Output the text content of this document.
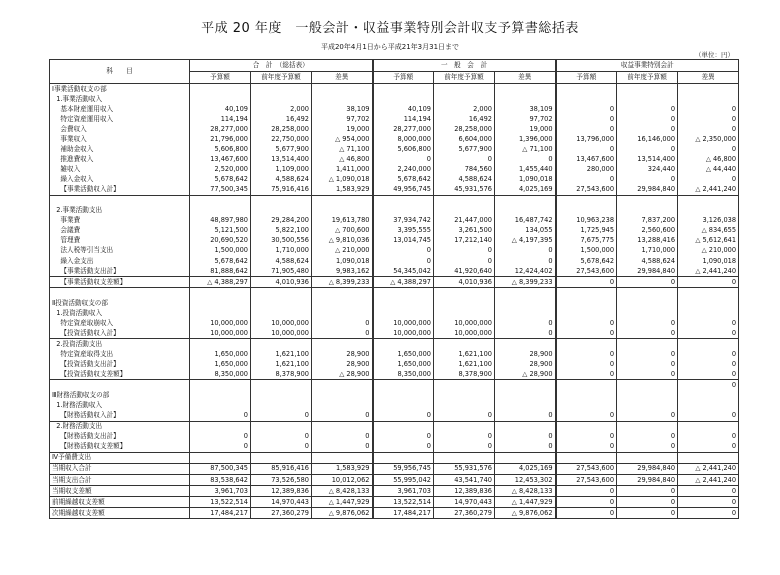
平成 20 年度　一般会計・収益事業特別会計収支予算書総括表
平成20年4月1日から平成21年3月31日まで
（単位：円）
科　　目	合　計　（総括表）			一　般　会　計			収益事業特別会計		
	予算額	前年度予算額	差異	予算額	前年度予算額	差異	予算額	前年度予算額	差異
Ⅰ事業活動収支の部									
1.事業活動収入									
基本財産運用収入	40,109	2,000	38,109	40,109	2,000	38,109	0	0	0
特定資産運用収入	114,194	16,492	97,702	114,194	16,492	97,702	0	0	0
会費収入	28,277,000	28,258,000	19,000	28,277,000	28,258,000	19,000	0	0	0
事業収入	21,796,000	22,750,000	△ 954,000	8,000,000	6,604,000	1,396,000	13,796,000	16,146,000	△ 2,350,000
補助金収入	5,606,800	5,677,900	△ 71,100	5,606,800	5,677,900	△ 71,100	0	0	0
推進費収入	13,467,600	13,514,400	△ 46,800	0	0	0	13,467,600	13,514,400	△ 46,800
雑収入	2,520,000	1,109,000	1,411,000	2,240,000	784,560	1,455,440	280,000	324,440	△ 44,440
繰入金収入	5,678,642	4,588,624	△ 1,090,018	5,678,642	4,588,624	1,090,018	0	0	0
【事業活動収入計】	77,500,345	75,916,416	1,583,929	49,956,745	45,931,576	4,025,169	27,543,600	29,984,840	△ 2,441,240

2.事業活動支出									
事業費	48,897,980	29,284,200	19,613,780	37,934,742	21,447,000	16,487,742	10,963,238	7,837,200	3,126,038
会議費	5,121,500	5,822,100	△ 700,600	3,395,555	3,261,500	134,055	1,725,945	2,560,600	△ 834,655
管理費	20,690,520	30,500,556	△ 9,810,036	13,014,745	17,212,140	△ 4,197,395	7,675,775	13,288,416	△ 5,612,641
法人税等引当支出	1,500,000	1,710,000	△ 210,000	0	0	0	1,500,000	1,710,000	△ 210,000
繰入金支出	5,678,642	4,588,624	1,090,018	0	0	0	5,678,642	4,588,624	1,090,018
【事業活動支出計】	81,888,642	71,905,480	9,983,162	54,345,042	41,920,640	12,424,402	27,543,600	29,984,840	△ 2,441,240
【事業活動収支差額】	△ 4,388,297	4,010,936	△ 8,399,233	△ 4,388,297	4,010,936	△ 8,399,233	0	0	0

Ⅱ投資活動収支の部									
1.投資活動収入									
特定資産取崩収入	10,000,000	10,000,000	0	10,000,000	10,000,000	0	0	0	0
【投資活動収入計】	10,000,000	10,000,000	0	10,000,000	10,000,000	0	0	0	0
2.投資活動支出									
特定資産取得支出	1,650,000	1,621,100	28,900	1,650,000	1,621,100	28,900	0	0	0
【投資活動支出計】	1,650,000	1,621,100	28,900	1,650,000	1,621,100	28,900	0	0	0
【投資活動収支差額】	8,350,000	8,378,900	△ 28,900	8,350,000	8,378,900	△ 28,900	0	0	0
									0
Ⅲ財務活動収支の部									
1.財務活動収入									
【財務活動収入計】	0	0	0	0	0	0	0	0	0
2.財務活動支出									
【財務活動支出計】	0	0	0	0	0	0	0	0	0
【財務活動収支差額】	0	0	0	0	0	0	0	0	0
Ⅳ予備費支出									
当期収入合計	87,500,345	85,916,416	1,583,929	59,956,745	55,931,576	4,025,169	27,543,600	29,984,840	△ 2,441,240
当期支出合計	83,538,642	73,526,580	10,012,062	55,995,042	43,541,740	12,453,302	27,543,600	29,984,840	△ 2,441,240
当期収支差額	3,961,703	12,389,836	△ 8,428,133	3,961,703	12,389,836	△ 8,428,133	0	0	0
前期繰越収支差額	13,522,514	14,970,443	△ 1,447,929	13,522,514	14,970,443	△ 1,447,929	0	0	0
次期繰越収支差額	17,484,217	27,360,279	△ 9,876,062	17,484,217	27,360,279	△ 9,876,062	0	0	0
